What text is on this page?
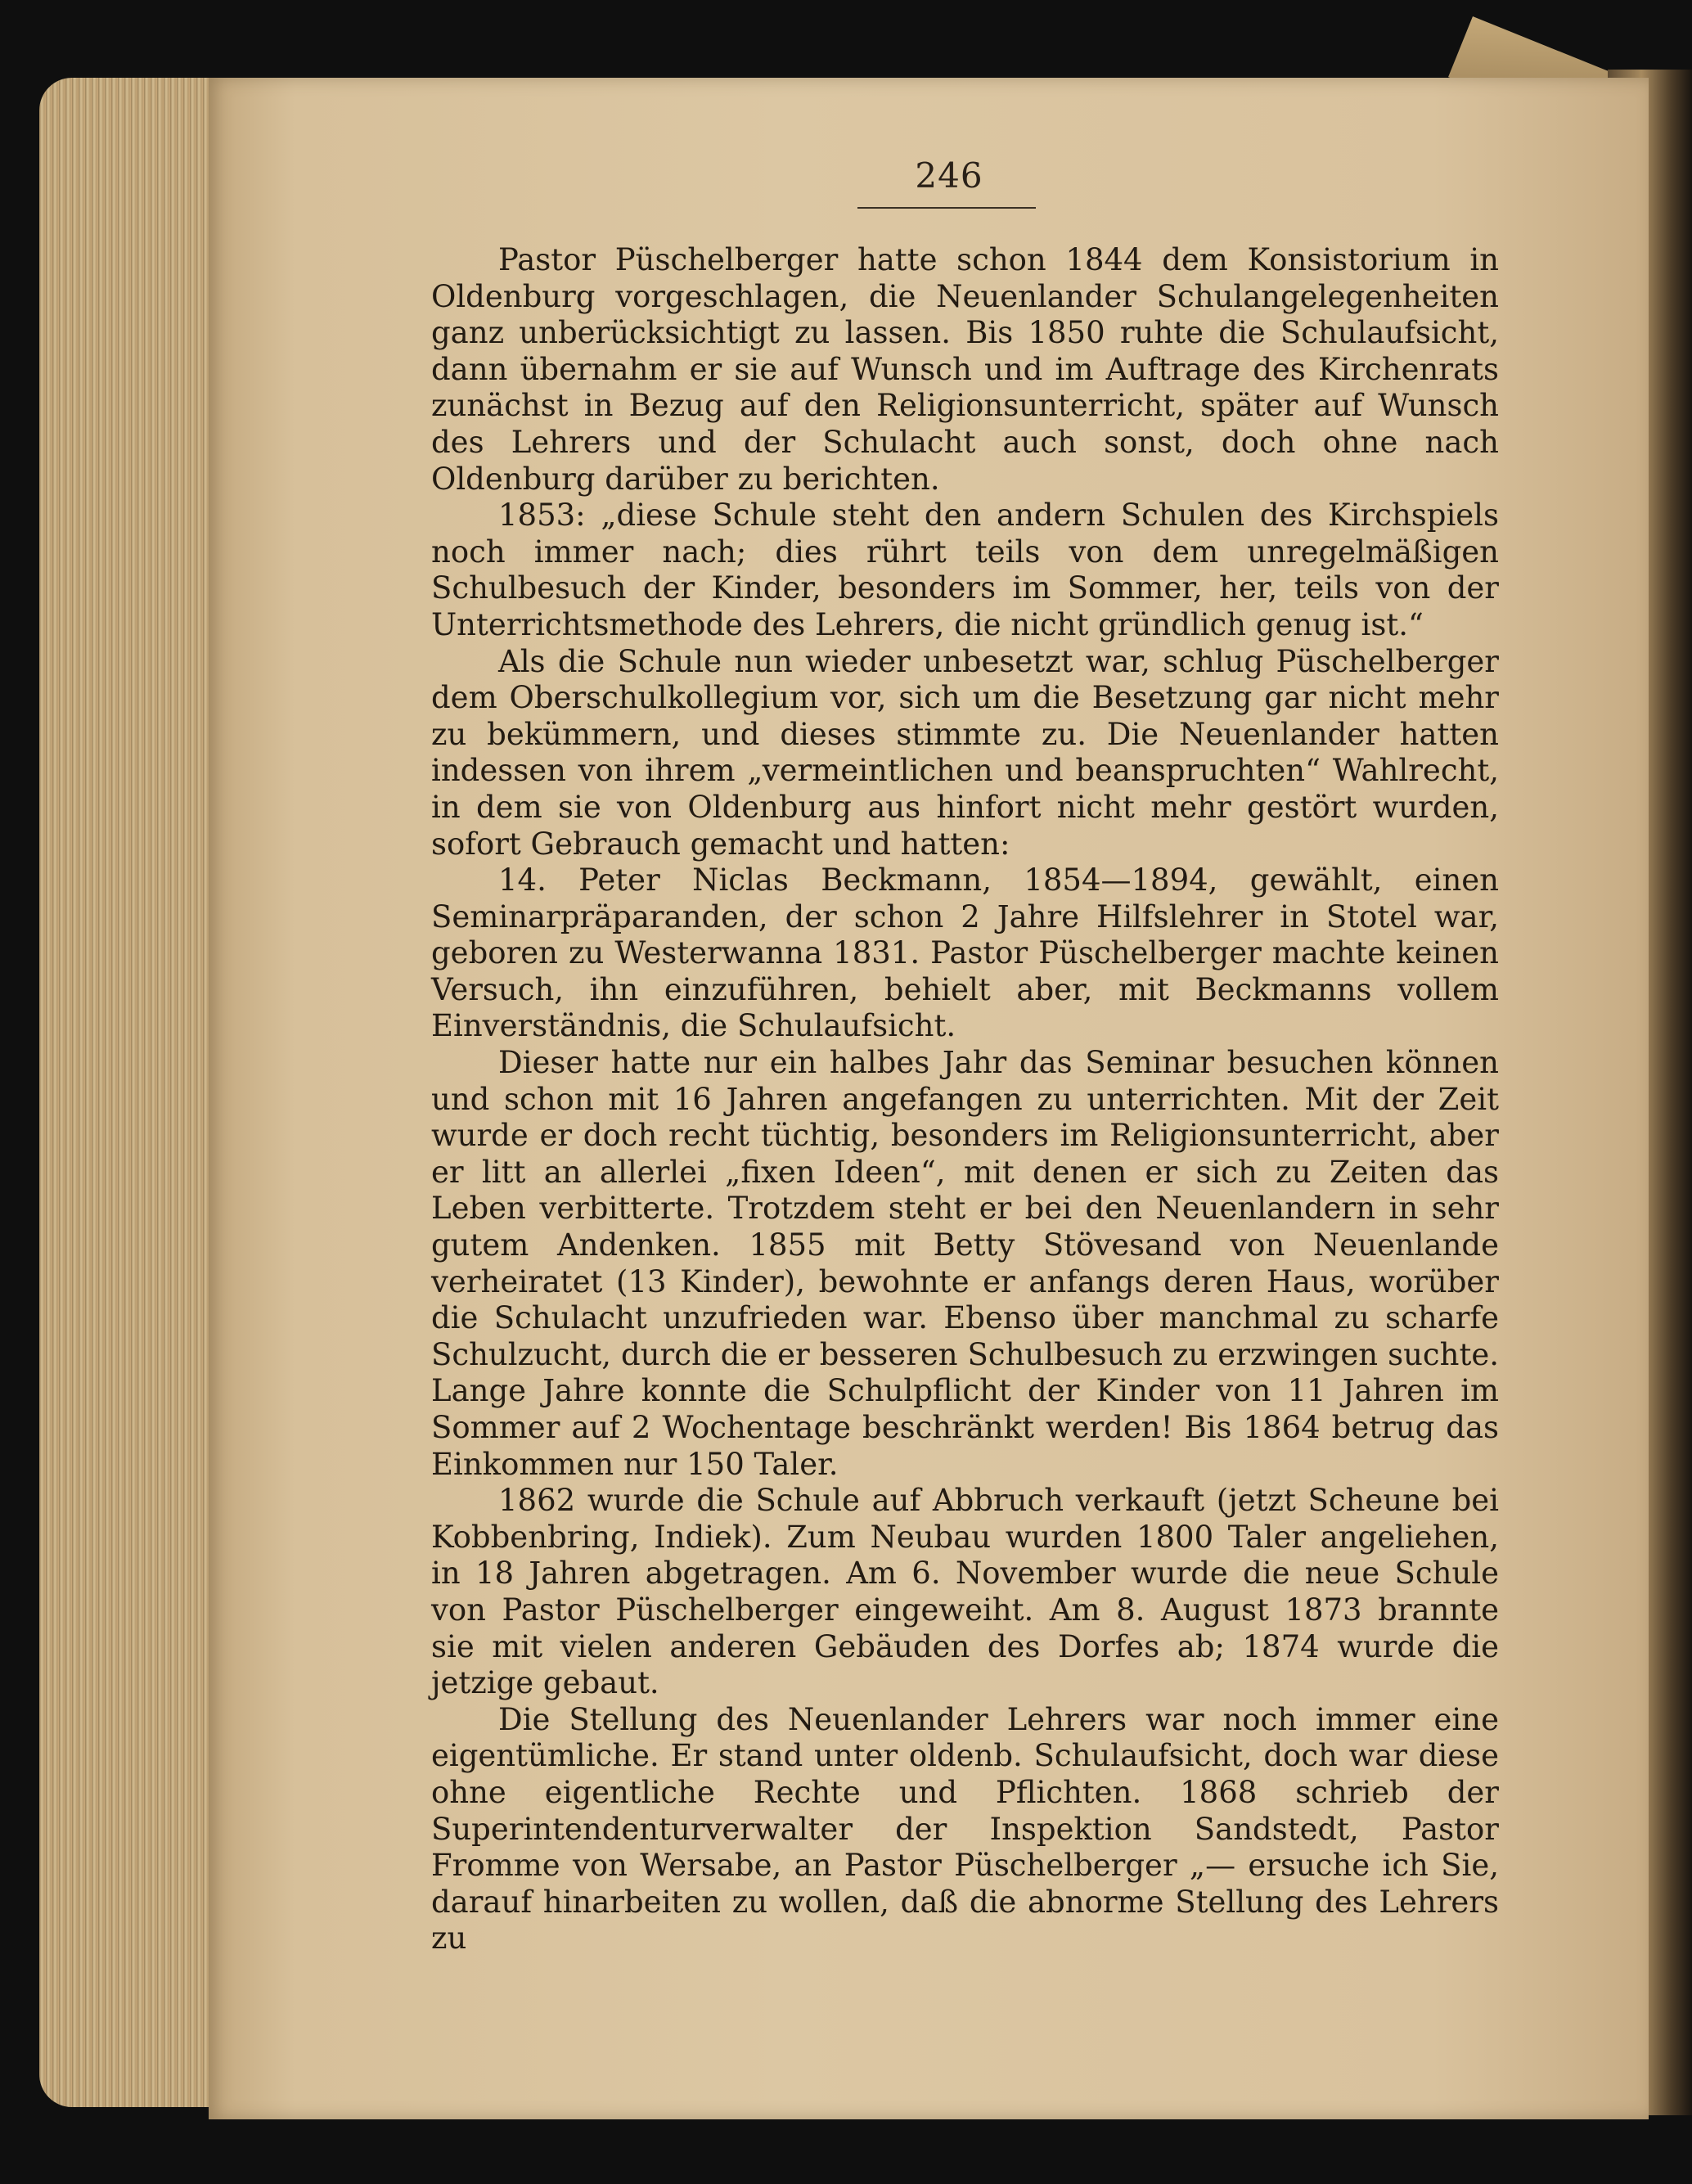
246

Pastor Püschelberger hatte schon 1844 dem Konsistorium in Oldenburg vorgeschlagen, die Neuenlander Schulangelegenheiten ganz unberücksichtigt zu lassen. Bis 1850 ruhte die Schulaufsicht, dann übernahm er sie auf Wunsch und im Auftrage des Kirchenrats zunächst in Bezug auf den Religionsunterricht, später auf Wunsch des Lehrers und der Schulacht auch sonst, doch ohne nach Oldenburg darüber zu berichten.

1853: „diese Schule steht den andern Schulen des Kirchspiels noch immer nach; dies rührt teils von dem unregelmäßigen Schulbesuch der Kinder, besonders im Sommer, her, teils von der Unterrichtsmethode des Lehrers, die nicht gründlich genug ist.“

Als die Schule nun wieder unbesetzt war, schlug Püschelberger dem Oberschulkollegium vor, sich um die Besetzung gar nicht mehr zu bekümmern, und dieses stimmte zu. Die Neuenlander hatten indessen von ihrem „vermeintlichen und beanspruchten“ Wahlrecht, in dem sie von Oldenburg aus hinfort nicht mehr gestört wurden, sofort Gebrauch gemacht und hatten:

14. Peter Niclas Beckmann, 1854—1894, gewählt, einen Seminarpräparanden, der schon 2 Jahre Hilfslehrer in Stotel war, geboren zu Westerwanna 1831. Pastor Püschelberger machte keinen Versuch, ihn einzuführen, behielt aber, mit Beckmanns vollem Einverständnis, die Schulaufsicht.

Dieser hatte nur ein halbes Jahr das Seminar besuchen können und schon mit 16 Jahren angefangen zu unterrichten. Mit der Zeit wurde er doch recht tüchtig, besonders im Religionsunterricht, aber er litt an allerlei „fixen Ideen“, mit denen er sich zu Zeiten das Leben verbitterte. Trotzdem steht er bei den Neuenlandern in sehr gutem Andenken. 1855 mit Betty Stövesand von Neuenlande verheiratet (13 Kinder), bewohnte er anfangs deren Haus, worüber die Schulacht unzufrieden war. Ebenso über manchmal zu scharfe Schulzucht, durch die er besseren Schulbesuch zu erzwingen suchte. Lange Jahre konnte die Schulpflicht der Kinder von 11 Jahren im Sommer auf 2 Wochentage beschränkt werden! Bis 1864 betrug das Einkommen nur 150 Taler.

1862 wurde die Schule auf Abbruch verkauft (jetzt Scheune bei Kobbenbring, Indiek). Zum Neubau wurden 1800 Taler angeliehen, in 18 Jahren abgetragen. Am 6. November wurde die neue Schule von Pastor Püschelberger eingeweiht. Am 8. August 1873 brannte sie mit vielen anderen Gebäuden des Dorfes ab; 1874 wurde die jetzige gebaut.

Die Stellung des Neuenlander Lehrers war noch immer eine eigentümliche. Er stand unter oldenb. Schulaufsicht, doch war diese ohne eigentliche Rechte und Pflichten. 1868 schrieb der Superintendenturverwalter der Inspektion Sandstedt, Pastor Fromme von Wersabe, an Pastor Püschelberger „— ersuche ich Sie, darauf hinarbeiten zu wollen, daß die abnorme Stellung des Lehrers zu
